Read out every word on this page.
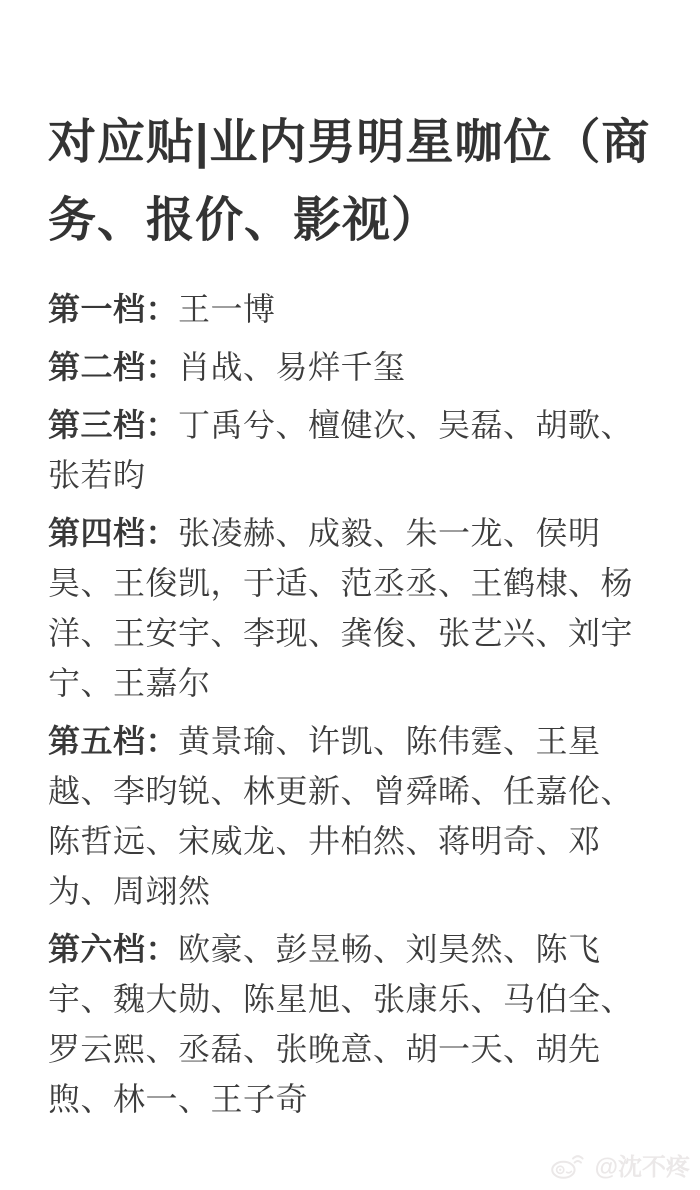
对应贴|业内男明星咖位（商务、报价、影视）

第一档：王一博

第二档：肖战、易烊千玺

第三档：丁禹兮、檀健次、吴磊、胡歌、张若昀

第四档：张凌赫、成毅、朱一龙、侯明昊、王俊凯，于适、范丞丞、王鹤棣、杨洋、王安宇、李现、龚俊、张艺兴、刘宇宁、王嘉尔

第五档：黄景瑜、许凯、陈伟霆、王星越、李昀锐、林更新、曾舜晞、任嘉伦、陈哲远、宋威龙、井柏然、蒋明奇、邓为、周翊然

第六档：欧豪、彭昱畅、刘昊然、陈飞宇、魏大勋、陈星旭、张康乐、马伯全、罗云熙、丞磊、张晚意、胡一天、胡先煦、林一、王子奇

@沈不疼
